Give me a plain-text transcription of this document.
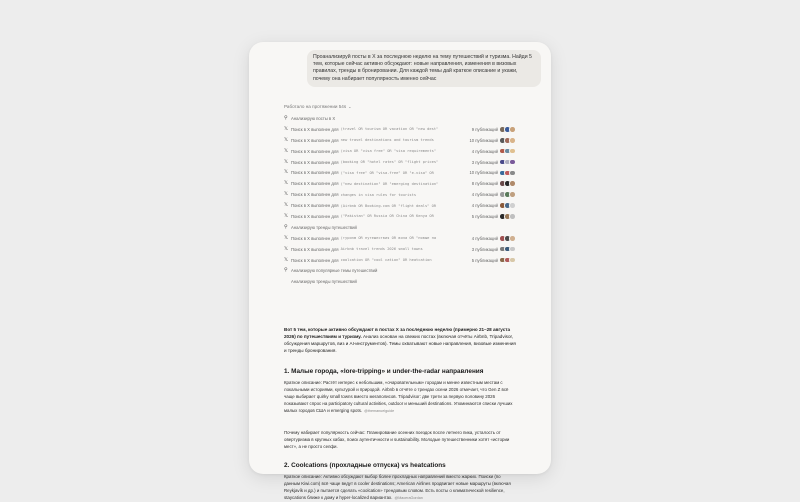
Проанализируй посты в X за последнюю неделю на тему путешествий и туризма. Найди 5 тем, которые сейчас активно обсуждают: новые направления, изменения в визовых правилах, тренды в бронировании. Для каждой темы дай краткое описание и укажи, почему она набирает популярность именно сейчас
Работало на протяжении 54s ⌄
⚲ Анализирую посты в X
𝕏 Поиск в X выполнен для (travel OR tourism OR vacation OR "new dest"	9 публикаций
𝕏 Поиск в X выполнен для new travel destinations and tourism trends	10 публикаций
𝕏 Поиск в X выполнен для (visa OR "visa free" OR "visa requirements"	4 публикаций
𝕏 Поиск в X выполнен для (booking OR "hotel rates" OR "flight prices"	3 публикаций
𝕏 Поиск в X выполнен для ("visa free" OR "visa-free" OR "e-visa" OR	10 публикаций
𝕏 Поиск в X выполнен для ("new destination" OR "emerging destination"	8 публикаций
𝕏 Поиск в X выполнен для changes in visa rules for tourists	4 публикаций
𝕏 Поиск в X выполнен для (Airbnb OR Booking.com OR "flight deals" OR	4 публикаций
𝕏 Поиск в X выполнен для ("Pakistan" OR Russia OR China OR Kenya OR	5 публикаций
⚲ Анализирую тренды путешествий
𝕏 Поиск в X выполнен для (туризм OR путешествия OR виза OR "новые на	4 публикаций
𝕏 Поиск в X выполнен для Airbnb travel trends 2026 small towns	3 публикаций
𝕏 Поиск в X выполнен для coolcation OR "cool cation" OR heatcation	5 публикаций
⚲ Анализирую популярные темы путешествий
Анализирую тренды путешествий
Вот 5 тем, которые активно обсуждают в постах X за последнюю неделю (примерно 21–28 августа 2026) по путешествиям и туризму. Анализ основан на свежих постах (включая отчёты Airbnb, Tripadvisor, обсуждения маршрутов, виз и AI-инструментов). Темы охватывают новые направления, визовые изменения и тренды бронирования.
1. Малые города, «lore-tripping» и under-the-radar направления
Краткое описание: Растёт интерес к небольшим, «очаровательным» городам и менее известным местам с локальными историями, культурой и природой. Airbnb в отчёте о трендах осени 2026 отмечает, что Gen Z всё чаще выбирает quirky small towns вместо мегаполисов. Tripadvisor: две трети за первую половину 2026 показывают спрос на participatory cultural activities, outdoor и меньший destinations. Упоминаются списки лучших малых городов США и emerging spots. @themanuelguide
Почему набирает популярность сейчас: Планирование осенних поездок после летнего пика, усталость от овертуризма в крупных хабах, поиск аутентичности и sustainability. Молодые путешественники хотят «истории мест», а не просто селфи.
2. Coolcations (прохладные отпуска) vs heatcations
Краткое описание: Активно обсуждают выбор более прохладных направлений вместо жарких. Поиски (по данным Kiwi.com) всё чаще ведут в cooler destinations; American Airlines продвигает новые маршруты (включая Reykjavík и др.) и пытается сделать «coolcation» трендовым словом. Есть посты о климатической resilience, staycations ближе к дому и hyper-localized вариантах. @MaceraGordan
